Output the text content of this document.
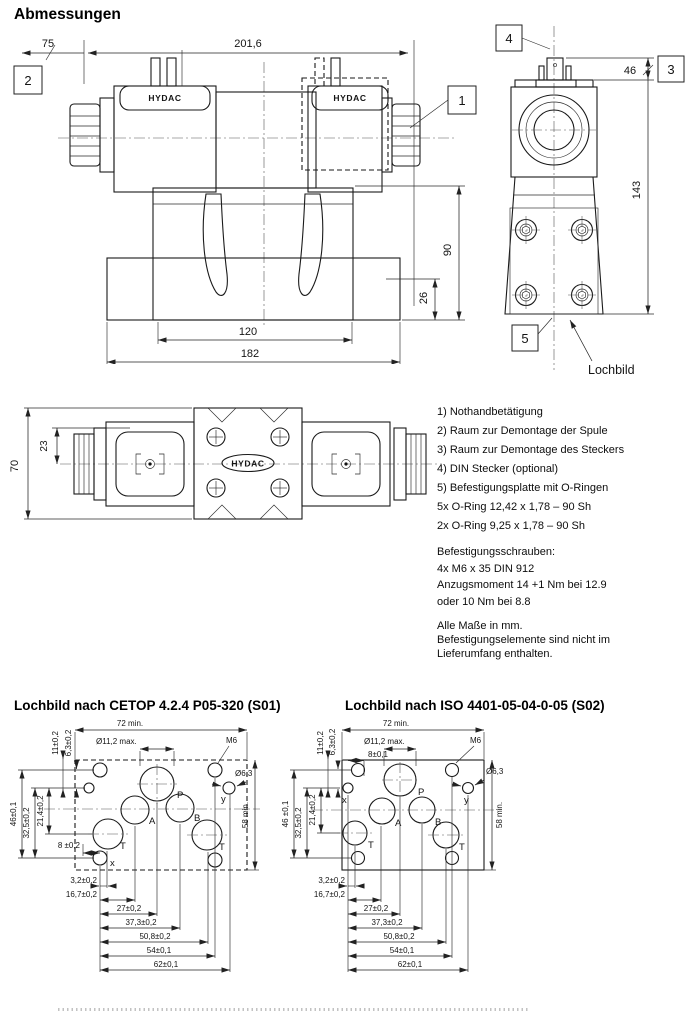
Abmessungen
75
2
201,6
HYDAC	HYDAC	1
90
26
120
182
4
46
143
3
5
Lochbild
70
23
HYDAC
1) Nothandbetätigung
2) Raum zur Demontage der Spule
3) Raum zur Demontage des Steckers
4) DIN Stecker (optional)
5) Befestigungsplatte mit O-Ringen
5x O-Ring 12,42 x 1,78 – 90 Sh
2x O-Ring 9,25 x 1,78 – 90 Sh
Befestigungsschrauben:
4x M6 x 35 DIN 912
Anzugsmoment 14 +1 Nm bei 12.9
oder 10 Nm bei 8.8
Alle Maße in mm.
Befestigungselemente sind nicht im
Lieferumfang enthalten.
Lochbild nach CETOP 4.2.4 P05-320 (S01)	Lochbild nach ISO 4401-05-04-0-05 (S02)
72 min.
Ø11,2 max.	M6
Ø6,3
58 min.
46±0,1 32,5±0,2 21,4±0,2
11±0,2 6,3±0,2
8 ±0,2
P
A	B
T	T
x
y
3,2±0,2
16,7±0,2
27±0,2
37,3±0,2
50,8±0,2
54±0,1
62±0,1
72 min.
Ø11,2 max.
8±0,1
M6
Ø6,3
58 min.
46 ±0,1 32,5±0,2 21,4±0,2
11±0,2 6,3±0,2
P
A	B
T	T
x	y
3,2±0,2
16,7±0,2
27±0,2
37,3±0,2
50,8±0,2
54±0,1
62±0,1
